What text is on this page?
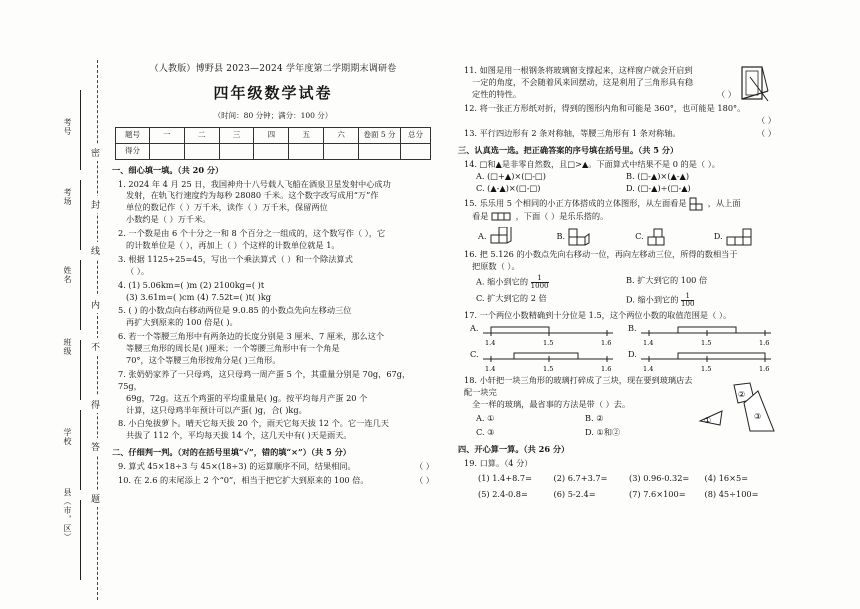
考号
考场
姓名
班级
学校
县（市，区）
密
封
线
内
不
得
答
题
（人教版）博野县 2023—2024 学年度第二学期期末调研卷
四年级数学试卷
（时间：80 分钟；满分：100 分）
题号	一	二	三	四	五	六	卷面 5 分	总分
得分								
一、细心填一填。（共 20 分）
1. 2024 年 4 月 25 日，我国神舟十八号载人飞船在酒泉卫星发射中心成功
发射，在轨飞行速度约为每秒 28080 千米。这个数字改写成用“万”作
单位的数记作（ ）万千米，读作（ ）万千米，保留两位
小数约是（ ）万千米。
2. 一个数是由 6 个十分之一和 8 个百分之一组成的，这个数写作（ ），它
的计数单位是（ ），再加上（ ）个这样的计数单位就是 1。
3. 根据 1125÷25=45，写出一个乘法算式（ ）和一个除法算式
（ ）。
4. (1) 5.06km=( )m (2) 2100kg=( )t
(3) 3.61m=( )cm (4) 7.52t=( )t( )kg
5. ( ) 的小数点向右移动两位是 9.0.85 的小数点先向左移动三位
再扩大到原来的 100 倍是( )。
6. 若一个等腰三角形中有两条边的长度分别是 3 厘米、7 厘米，那么这个
等腰三角形的周长是( )厘米；一个等腰三角形中有一个角是
70°，这个等腰三角形按角分是( )三角形。
7. 张奶奶家养了一只母鸡，这只母鸡一周产蛋 5 个，其重量分别是 70g，67g，75g，
69g，72g。这五个鸡蛋的平均重量是( )g。按平均每月产蛋 20 个
计算，这只母鸡半年预计可以产蛋( )g，合( )kg。
8. 小白兔拔萝卜。晴天它每天拔 20 个，雨天它每天拔 12 个。它一连几天
共拔了 112 个，平均每天拔 14 个，这几天中有( )天是雨天。
二、仔细判一判。（对的在括号里填“√”，错的填“×”）（共 5 分）
9. 算式 45×18÷3 与 45×(18÷3) 的运算顺序不同，结果相同。	（ ）
10. 在 2.6 的末尾添上 2 个“0”，相当于把它扩大到原来的 100 倍。	（ ）
11. 如图是用一根钢条将玻璃窗支撑起来，这样窗户就会开启到
一定的角度，不会随着风来回摆动，这是利用了三角形具有稳
定性的特性。	（ ）
12. 将一张正方形纸对折，得到的图形内角和可能是 360°，也可能是 180°。
（ ）
13. 平行四边形有 2 条对称轴，等腰三角形有 1 条对称轴。	（ ）
三、认真选一选。把正确答案的序号填在括号里。（共 5 分）
14. □和▲是非零自然数，且□>▲。下面算式中结果不是 0 的是（ ）。
A. (□+▲)×(□-□)	B. (□-▲)×(▲-▲)
C. (▲-▲)×(□-□)	D. (□-▲)÷(□-▲)
15. 乐乐用 5 个相同的小正方体搭成的立体图形，从左面看是	，从上面
看是	，下面（ ）是乐乐搭的。
A.	B.	C.	D.
16. 把 5.126 的小数点先向右移动一位，再向左移动三位，所得的数相当于
把原数（ ）。
A. 缩小到它的 $\frac{1}{1000}$	B. 扩大到它的 100 倍
C. 扩大到它的 2 倍	D. 缩小到它的 $\frac{1}{100}$
17. 一个两位小数精确到十分位是 1.5，这个两位小数的取值范围是（ ）。
A.
1.4	1.5	1.6
B.
1.4	1.5	1.6
C.
1.4	1.5	1.6
D.
1.4	1.5	1.6
18. 小轩把一块三角形的玻璃打碎成了三块，现在要到玻璃店去配一块完
全一样的玻璃，最省事的方法是带（ ）去。
A. ①	B. ②
C. ③	D. ①和②
②
③
①
四、开心算一算。（共 26 分）
19. 口算。（4 分）
(1) 1.4+8.7=	(2) 6.7+3.7=	(3) 0.96-0.32=	(4) 16×5=
(5) 2.4-0.8=	(6) 5-2.4=	(7) 7.6×100=	(8) 45÷100=
